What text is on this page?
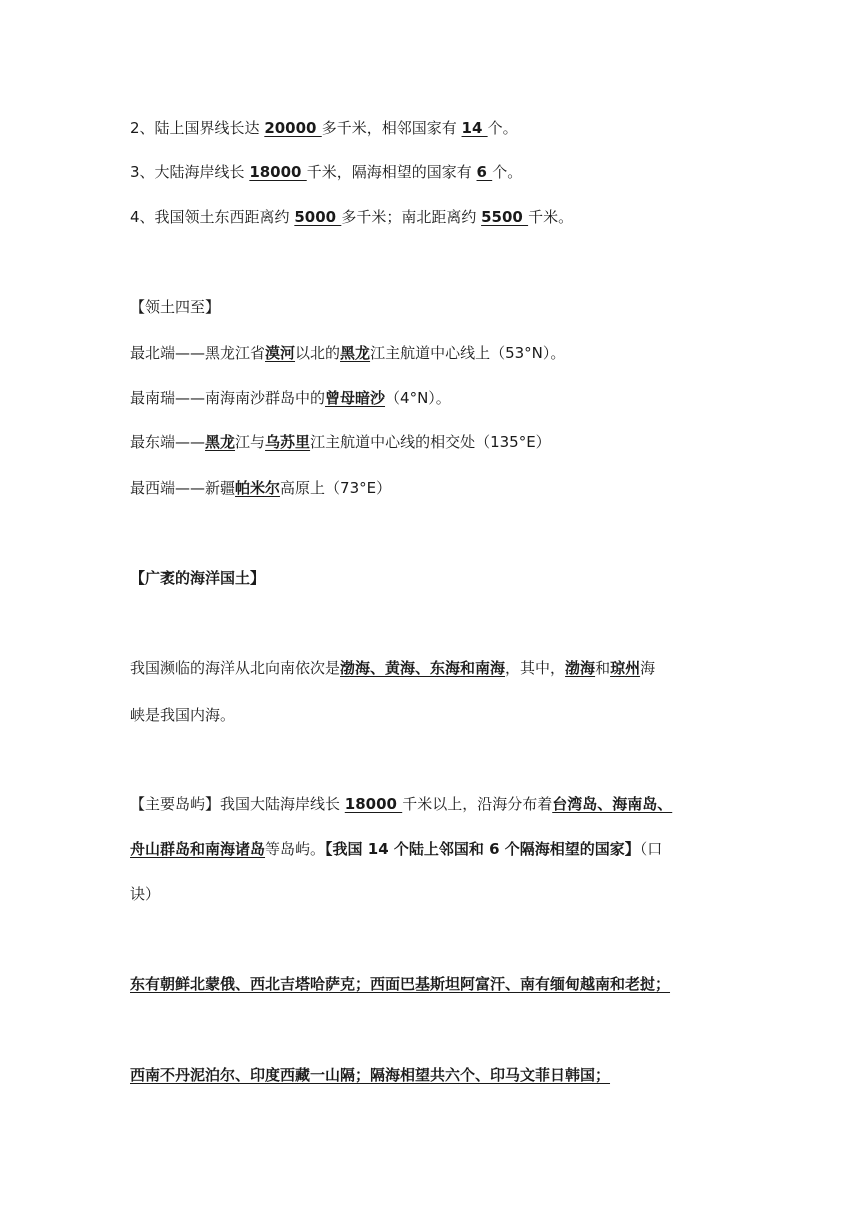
2、陆上国界线长达 20000 多千米，相邻国家有 14 个。
3、大陆海岸线长 18000 千米，隔海相望的国家有 6 个。
4、我国领土东西距离约 5000 多千米；南北距离约 5500 千米。
【领土四至】
最北端——黑龙江省漠河以北的黑龙江主航道中心线上（53°N）。
最南瑞——南海南沙群岛中的曾母暗沙（4°N）。
最东端——黑龙江与乌苏里江主航道中心线的相交处（135°E）
最西端——新疆帕米尔高原上（73°E）
【广袤的海洋国土】
我国濒临的海洋从北向南依次是渤海、黄海、东海和南海，其中，渤海和琼州海
峡是我国内海。
【主要岛屿】我国大陆海岸线长 18000 千米以上，沿海分布着台湾岛、海南岛、
舟山群岛和南海诸岛等岛屿。【我国 14 个陆上邻国和 6 个隔海相望的国家】（口
诀）
东有朝鲜北蒙俄、西北吉塔哈萨克；西面巴基斯坦阿富汗、南有缅甸越南和老挝；
西南不丹泥泊尔、印度西藏一山隔；隔海相望共六个、印马文菲日韩国；
